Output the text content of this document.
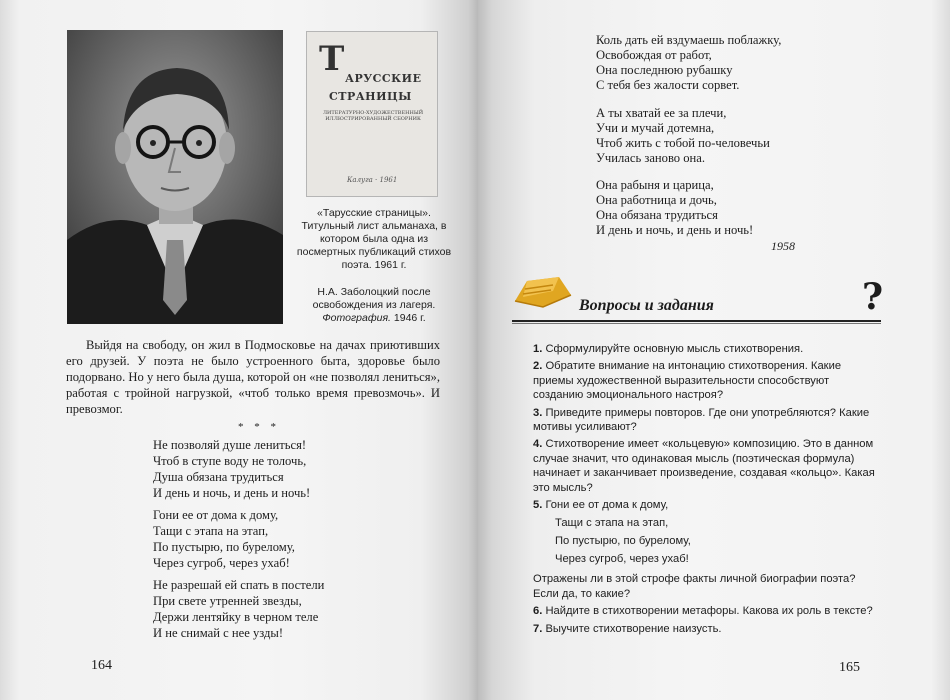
Т АРУССКИЕ
СТРАНИЦЫ
ЛИТЕРАТУРНО-ХУДОЖЕСТВЕННЫЙ ИЛЛЮСТРИРОВАННЫЙ СБОРНИК
Калуга · 1961
«Тарусские страницы». Титульный лист альманаха, в котором была одна из посмертных публикаций стихов поэта. 1961 г.
Н.А. Заболоцкий после освобождения из лагеря. Фотография. 1946 г.
Выйдя на свободу, он жил в Подмосковье на дачах приютивших его друзей. У поэта не было устроенного быта, здоровье было подорвано. Но у него была душа, которой он «не позволял лениться», работая с тройной нагрузкой, «чтоб только время превозмочь». И превозмог.
* * *
Не позволяй душе лениться!
Чтоб в ступе воду не толочь,
Душа обязана трудиться
И день и ночь, и день и ночь!
Гони ее от дома к дому,
Тащи с этапа на этап,
По пустырю, по бурелому,
Через сугроб, через ухаб!
Не разрешай ей спать в постели
При свете утренней звезды,
Держи лентяйку в черном теле
И не снимай с нее узды!
164
Коль дать ей вздумаешь поблажку,
Освобождая от работ,
Она последнюю рубашку
С тебя без жалости сорвет.
А ты хватай ее за плечи,
Учи и мучай дотемна,
Чтоб жить с тобой по-человечьи
Училась заново она.
Она рабыня и царица,
Она работница и дочь,
Она обязана трудиться
И день и ночь, и день и ночь!
1958
Вопросы и задания	?
1. Сформулируйте основную мысль стихотворения.
2. Обратите внимание на интонацию стихотворения. Какие приемы художественной выразительности способствуют созданию эмоционального настроя?
3. Приведите примеры повторов. Где они употребляются? Какие мотивы усиливают?
4. Стихотворение имеет «кольцевую» композицию. Это в данном случае значит, что одинаковая мысль (поэтическая формула) начинает и заканчивает произведение, создавая «кольцо». Какая это мысль?
5. Гони ее от дома к дому,
Тащи с этапа на этап,
По пустырю, по бурелому,
Через сугроб, через ухаб!
Отражены ли в этой строфе факты личной биографии поэта? Если да, то какие?
6. Найдите в стихотворении метафоры. Какова их роль в тексте?
7. Выучите стихотворение наизусть.
165
